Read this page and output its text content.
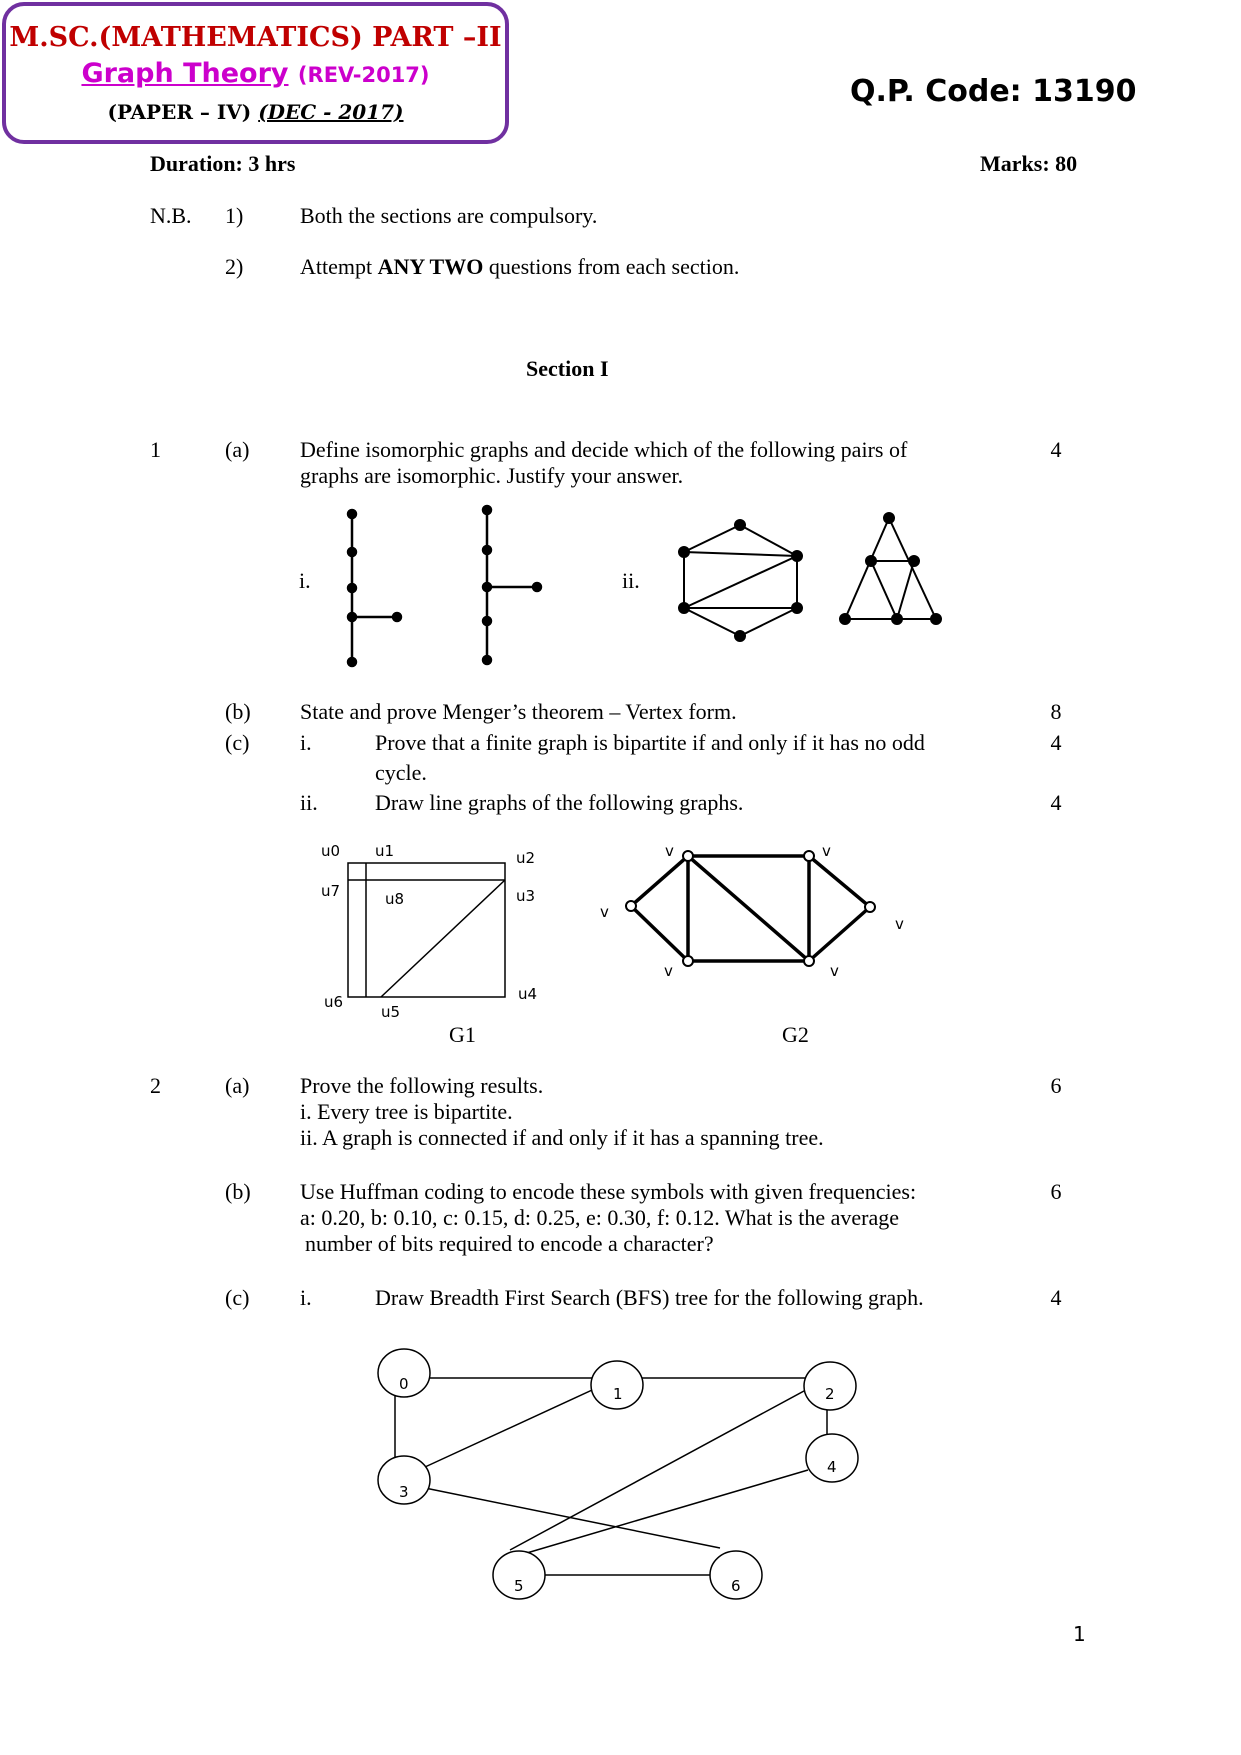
M.SC.(MATHEMATICS) PART –II
Graph Theory (REV-2017)
(PAPER – IV) (DEC - 2017)
Q.P. Code: 13190
Duration: 3 hrs	Marks: 80
N.B. 1)	Both the sections are compulsory.
2)	Attempt ANY TWO questions from each section.
Section I
1	(a) Define isomorphic graphs and decide which of the following pairs of
graphs are isomorphic. Justify your answer.
4
i.	ii.
(b) State and prove Menger’s theorem – Vertex form.	8
(c) i.	Prove that a finite graph is bipartite if and only if it has no odd
cycle.
4
ii.	Draw line graphs of the following graphs.	4
u0 u1	u2
u7	u8	u3
u6
u5
u4
G1
v	v
v
v
v	v
G2
2	(a) Prove the following results.
i. Every tree is bipartite.
ii. A graph is connected if and only if it has a spanning tree.
6
(b) Use Huffman coding to encode these symbols with given frequencies:
a: 0.20, b: 0.10, c: 0.15, d: 0.25, e: 0.30, f: 0.12. What is the average
number of bits required to encode a character?
6
(c) i.	Draw Breadth First Search (BFS) tree for the following graph.	4
1
0
1	2
3
4
5	6
